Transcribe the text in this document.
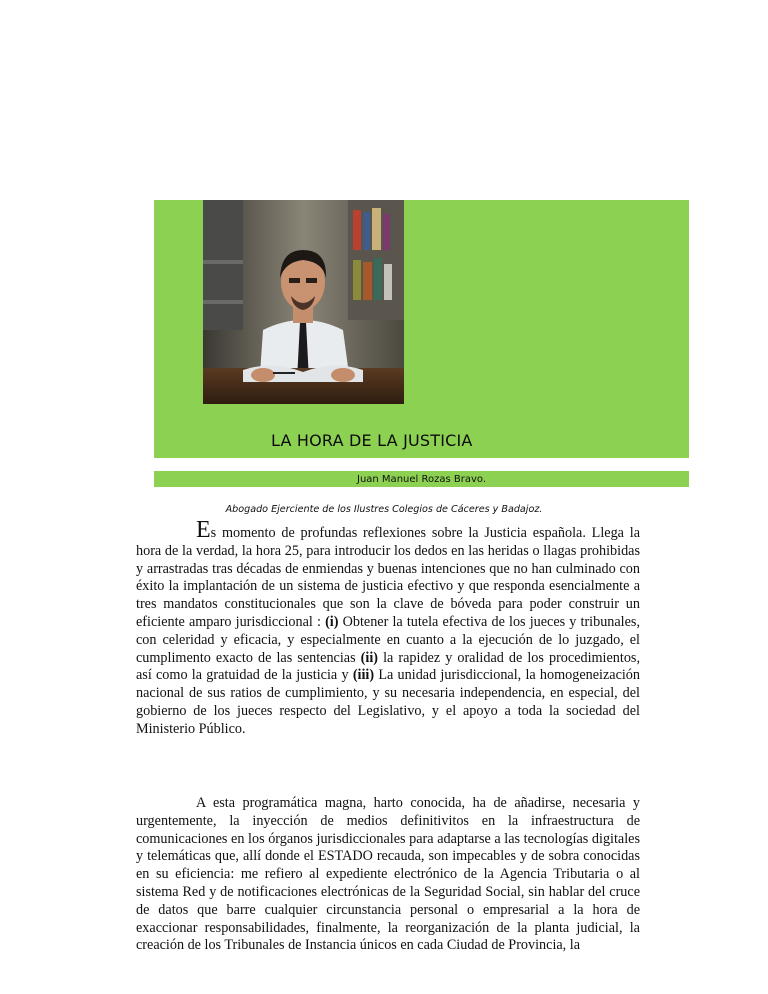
LA HORA DE LA JUSTICIA
Juan Manuel Rozas Bravo.
Abogado Ejerciente de los Ilustres Colegios de Cáceres y Badajoz.

Es momento de profundas reflexiones sobre la Justicia española. Llega la hora de la verdad, la hora 25, para introducir los dedos en las heridas o llagas prohibidas y arrastradas tras décadas de enmiendas y buenas intenciones que no han culminado con éxito la implantación de un sistema de justicia efectivo y que responda esencialmente a tres mandatos constitucionales que son la clave de bóveda para poder construir un eficiente amparo jurisdiccional : (i) Obtener la tutela efectiva de los jueces y tribunales, con celeridad y eficacia, y especialmente en cuanto a la ejecución de lo juzgado, el cumplimento exacto de las sentencias (ii) la rapidez y oralidad de los procedimientos, así como la gratuidad de la justicia y (iii) La unidad jurisdiccional, la homogeneización nacional de sus ratios de cumplimiento, y su necesaria independencia, en especial, del gobierno de los jueces respecto del Legislativo, y el apoyo a toda la sociedad del Ministerio Público.

A esta programática magna, harto conocida, ha de añadirse, necesaria y urgentemente, la inyección de medios definitivitos en la infraestructura de comunicaciones en los órganos jurisdiccionales para adaptarse a las tecnologías digitales y telemáticas que, allí donde el ESTADO recauda, son impecables y de sobra conocidas en su eficiencia: me refiero al expediente electrónico de la Agencia Tributaria o al sistema Red y de notificaciones electrónicas de la Seguridad Social, sin hablar del cruce de datos que barre cualquier circunstancia personal o empresarial a la hora de exaccionar responsabilidades, finalmente, la reorganización de la planta judicial, la creación de los Tribunales de Instancia únicos en cada Ciudad de Provincia, la
